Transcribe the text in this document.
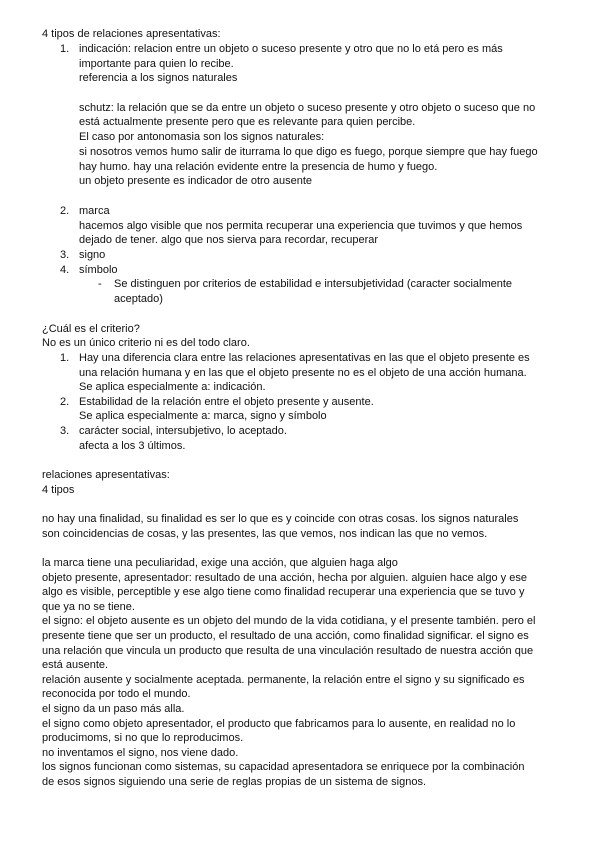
4 tipos de relaciones apresentativas:
1. indicación: relacion entre un objeto o suceso presente y otro que no lo etá pero es más
importante para quien lo recibe.
referencia a los signos naturales
schutz: la relación que se da entre un objeto o suceso presente y otro objeto o suceso que no
está actualmente presente pero que es relevante para quien percibe.
El caso por antonomasia son los signos naturales:
si nosotros vemos humo salir de iturrama lo que digo es fuego, porque siempre que hay fuego
hay humo. hay una relación evidente entre la presencia de humo y fuego.
un objeto presente es indicador de otro ausente
2. marca
hacemos algo visible que nos permita recuperar una experiencia que tuvimos y que hemos
dejado de tener. algo que nos sierva para recordar, recuperar
3. signo
4. símbolo
- Se distinguen por criterios de estabilidad e intersubjetividad (caracter socialmente
aceptado)
¿Cuál es el criterio?
No es un único criterio ni es del todo claro.
1. Hay una diferencia clara entre las relaciones apresentativas en las que el objeto presente es
una relación humana y en las que el objeto presente no es el objeto de una acción humana.
Se aplica especialmente a: indicación.
2. Estabilidad de la relación entre el objeto presente y ausente.
Se aplica especialmente a: marca, signo y símbolo
3. carácter social, intersubjetivo, lo aceptado.
afecta a los 3 últimos.
relaciones apresentativas:
4 tipos
no hay una finalidad, su finalidad es ser lo que es y coincide con otras cosas. los signos naturales
son coincidencias de cosas, y las presentes, las que vemos, nos indican las que no vemos.
la marca tiene una peculiaridad, exige una acción, que alguien haga algo
objeto presente, apresentador: resultado de una acción, hecha por alguien. alguien hace algo y ese
algo es visible, perceptible y ese algo tiene como finalidad recuperar una experiencia que se tuvo y
que ya no se tiene.
el signo: el objeto ausente es un objeto del mundo de la vida cotidiana, y el presente también. pero el
presente tiene que ser un producto, el resultado de una acción, como finalidad significar. el signo es
una relación que vincula un producto que resulta de una vinculación resultado de nuestra acción que
está ausente.
relación ausente y socialmente aceptada. permanente, la relación entre el signo y su significado es
reconocida por todo el mundo.
el signo da un paso más alla.
el signo como objeto apresentador, el producto que fabricamos para lo ausente, en realidad no lo
producimoms, si no que lo reproducimos.
no inventamos el signo, nos viene dado.
los signos funcionan como sistemas, su capacidad apresentadora se enriquece por la combinación
de esos signos siguiendo una serie de reglas propias de un sistema de signos.
